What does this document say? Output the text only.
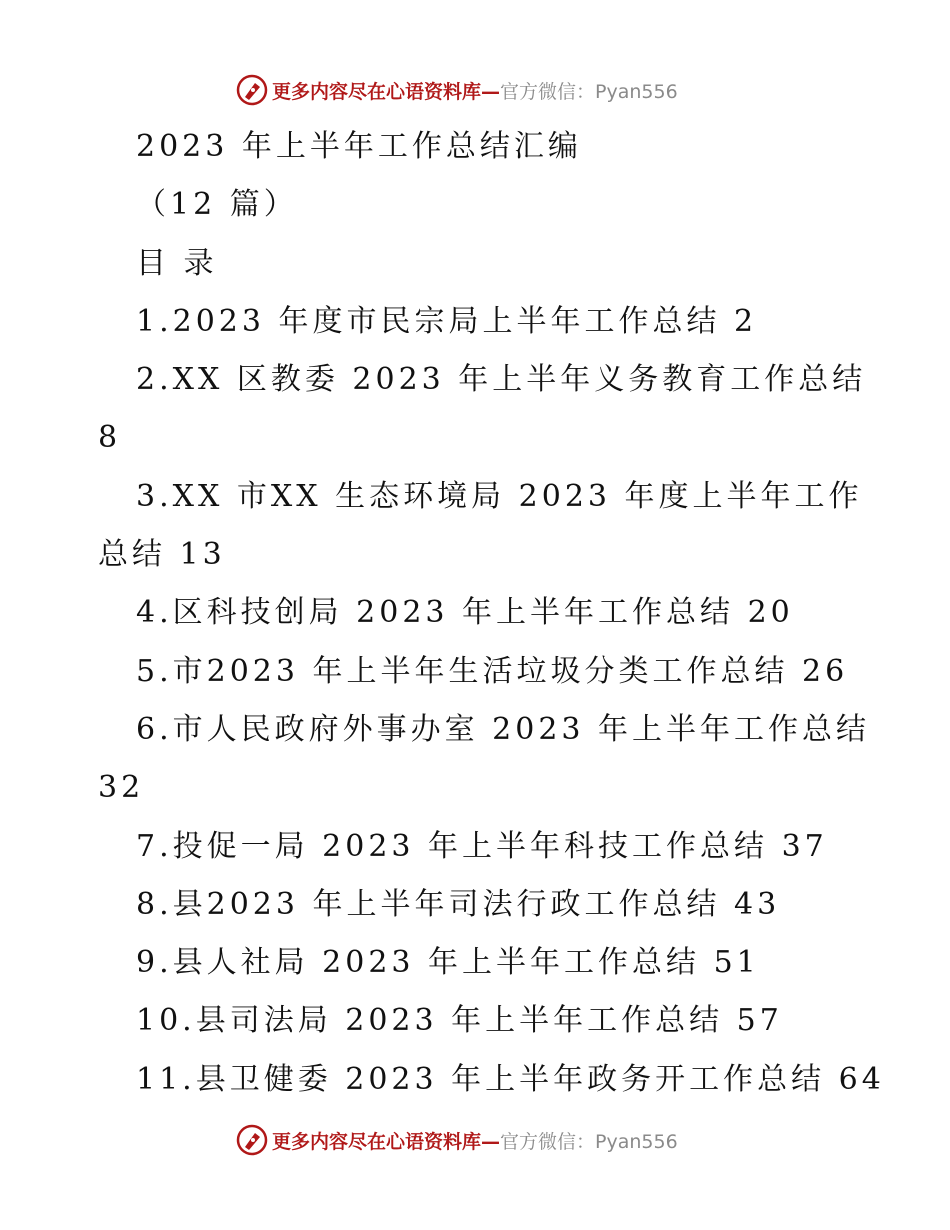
更多内容尽在心语资料库—官方微信：Pyan556
2023 年上半年工作总结汇编
（12 篇）
目 录
1.2023 年度市民宗局上半年工作总结 2
2.XX 区教委 2023 年上半年义务教育工作总结
8
3.XX 市XX 生态环境局 2023 年度上半年工作
总结 13
4.区科技创局 2023 年上半年工作总结 20
5.市2023 年上半年生活垃圾分类工作总结 26
6.市人民政府外事办室 2023 年上半年工作总结
32
7.投促一局 2023 年上半年科技工作总结 37
8.县2023 年上半年司法行政工作总结 43
9.县人社局 2023 年上半年工作总结 51
10.县司法局 2023 年上半年工作总结 57
11.县卫健委 2023 年上半年政务开工作总结 64
更多内容尽在心语资料库—官方微信：Pyan556
